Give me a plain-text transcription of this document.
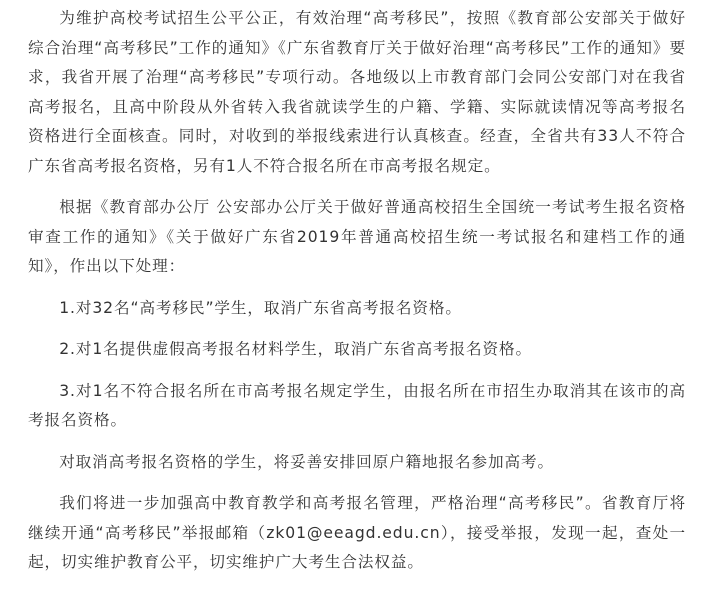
为维护高校考试招生公平公正，有效治理“高考移民”，按照《教育部公安部关于做好综合治理“高考移民”工作的通知》《广东省教育厅关于做好治理“高考移民”工作的通知》要求，我省开展了治理“高考移民”专项行动。各地级以上市教育部门会同公安部门对在我省高考报名，且高中阶段从外省转入我省就读学生的户籍、学籍、实际就读情况等高考报名资格进行全面核查。同时，对收到的举报线索进行认真核查。经查，全省共有33人不符合广东省高考报名资格，另有1人不符合报名所在市高考报名规定。

根据《教育部办公厅 公安部办公厅关于做好普通高校招生全国统一考试考生报名资格审查工作的通知》《关于做好广东省2019年普通高校招生统一考试报名和建档工作的通知》，作出以下处理：

1.对32名“高考移民”学生，取消广东省高考报名资格。

2.对1名提供虚假高考报名材料学生，取消广东省高考报名资格。

3.对1名不符合报名所在市高考报名规定学生，由报名所在市招生办取消其在该市的高考报名资格。

对取消高考报名资格的学生，将妥善安排回原户籍地报名参加高考。

我们将进一步加强高中教育教学和高考报名管理，严格治理“高考移民”。省教育厅将继续开通“高考移民”举报邮箱（zk01@eeagd.edu.cn），接受举报，发现一起，查处一起，切实维护教育公平，切实维护广大考生合法权益。
